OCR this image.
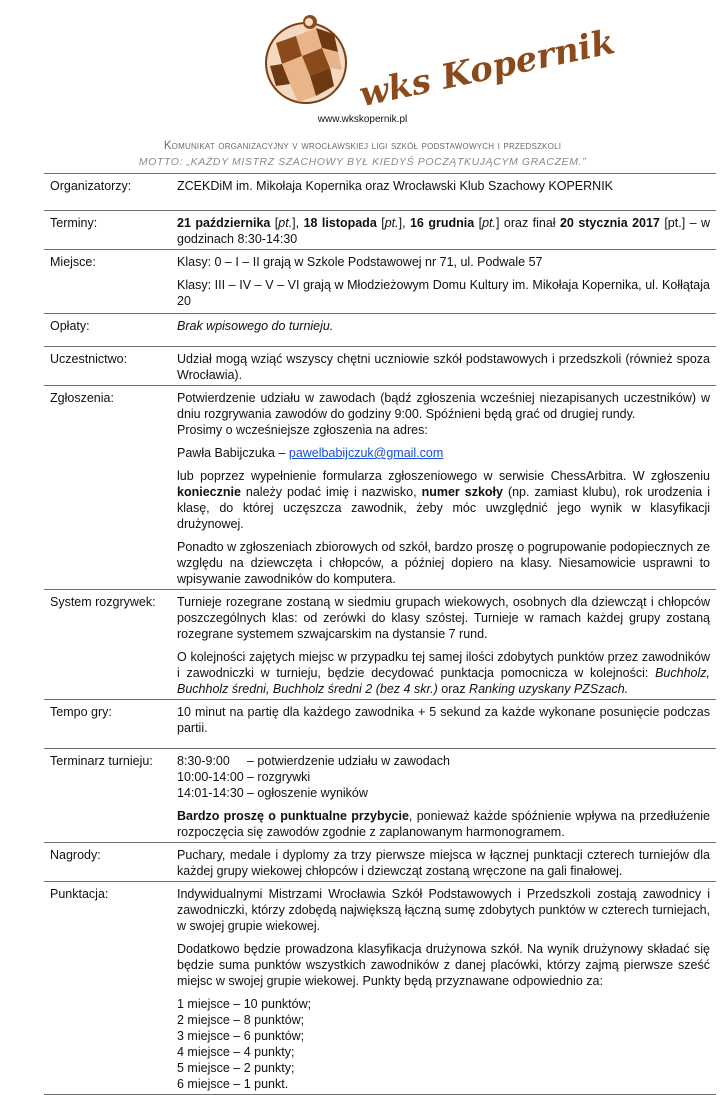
wks Kopernik
www.wkskopernik.pl
Komunikat organizacyjny v wrocławskiej ligi szkół podstawowych i przedszkoli
MOTTO: „KAŻDY MISTRZ SZACHOWY BYŁ KIEDYŚ POCZĄTKUJĄCYM GRACZEM.”
Organizatorzy:	ZCEKDiM im. Mikołaja Kopernika oraz Wrocławski Klub Szachowy KOPERNIK
Terminy:	21 października [pt.], 18 listopada [pt.], 16 grudnia [pt.] oraz finał 20 stycznia 2017 [pt.] – w godzinach 8:30-14:30
Miejsce:	Klasy: 0 – I – II grają w Szkole Podstawowej nr 71, ul. Podwale 57

Klasy: III – IV – V – VI grają w Młodzieżowym Domu Kultury im. Mikołaja Kopernika, ul. Kołłątaja 20

Opłaty:	Brak wpisowego do turnieju.
Uczestnictwo:	Udział mogą wziąć wszyscy chętni uczniowie szkół podstawowych i przedszkoli (również spoza Wrocławia).
Zgłoszenia:	Potwierdzenie udziału w zawodach (bądź zgłoszenia wcześniej niezapisanych uczestników) w dniu rozgrywania zawodów do godziny 9:00. Spóźnieni będą grać od drugiej rundy.

Prosimy o wcześniejsze zgłoszenia na adres:

Pawła Babijczuka – pawelbabijczuk@gmail.com

lub poprzez wypełnienie formularza zgłoszeniowego w serwisie ChessArbitra. W zgłoszeniu koniecznie należy podać imię i nazwisko, numer szkoły (np. zamiast klubu), rok urodzenia i klasę, do której uczęszcza zawodnik, żeby móc uwzględnić jego wynik w klasyfikacji drużynowej.

Ponadto w zgłoszeniach zbiorowych od szkół, bardzo proszę o pogrupowanie podopiecznych ze względu na dziewczęta i chłopców, a później dopiero na klasy. Niesamowicie usprawni to wpisywanie zawodników do komputera.

System rozgrywek:	Turnieje rozegrane zostaną w siedmiu grupach wiekowych, osobnych dla dziewcząt i chłopców poszczególnych klas: od zerówki do klasy szóstej. Turnieje w ramach każdej grupy zostaną rozegrane systemem szwajcarskim na dystansie 7 rund.

O kolejności zajętych miejsc w przypadku tej samej ilości zdobytych punktów przez zawodników i zawodniczki w turnieju, będzie decydować punktacja pomocnicza w kolejności: Buchholz, Buchholz średni, Buchholz średni 2 (bez 4 skr.) oraz Ranking uzyskany PZSzach.

Tempo gry:	10 minut na partię dla każdego zawodnika + 5 sekund za każde wykonane posunięcie podczas partii.
Terminarz turnieju:	8:30-9:00	– potwierdzenie udziału w zawodach
10:00-14:00 – rozgrywki
14:01-14:30 – ogłoszenie wyników

Bardzo proszę o punktualne przybycie, ponieważ każde spóźnienie wpływa na przedłużenie rozpoczęcia się zawodów zgodnie z zaplanowanym harmonogramem.

Nagrody:	Puchary, medale i dyplomy za trzy pierwsze miejsca w łącznej punktacji czterech turniejów dla każdej grupy wiekowej chłopców i dziewcząt zostaną wręczone na gali finałowej.
Punktacja:	Indywidualnymi Mistrzami Wrocławia Szkół Podstawowych i Przedszkoli zostają zawodnicy i zawodniczki, którzy zdobędą największą łączną sumę zdobytych punktów w czterech turniejach, w swojej grupie wiekowej.

Dodatkowo będzie prowadzona klasyfikacja drużynowa szkół. Na wynik drużynowy składać się będzie suma punktów wszystkich zawodników z danej placówki, którzy zajmą pierwsze sześć miejsc w swojej grupie wiekowej. Punkty będą przyznawane odpowiednio za:

1 miejsce – 10 punktów;
2 miejsce – 8 punktów;
3 miejsce – 6 punktów;
4 miejsce – 4 punkty;
5 miejsce – 2 punkty;
6 miejsce – 1 punkt.
